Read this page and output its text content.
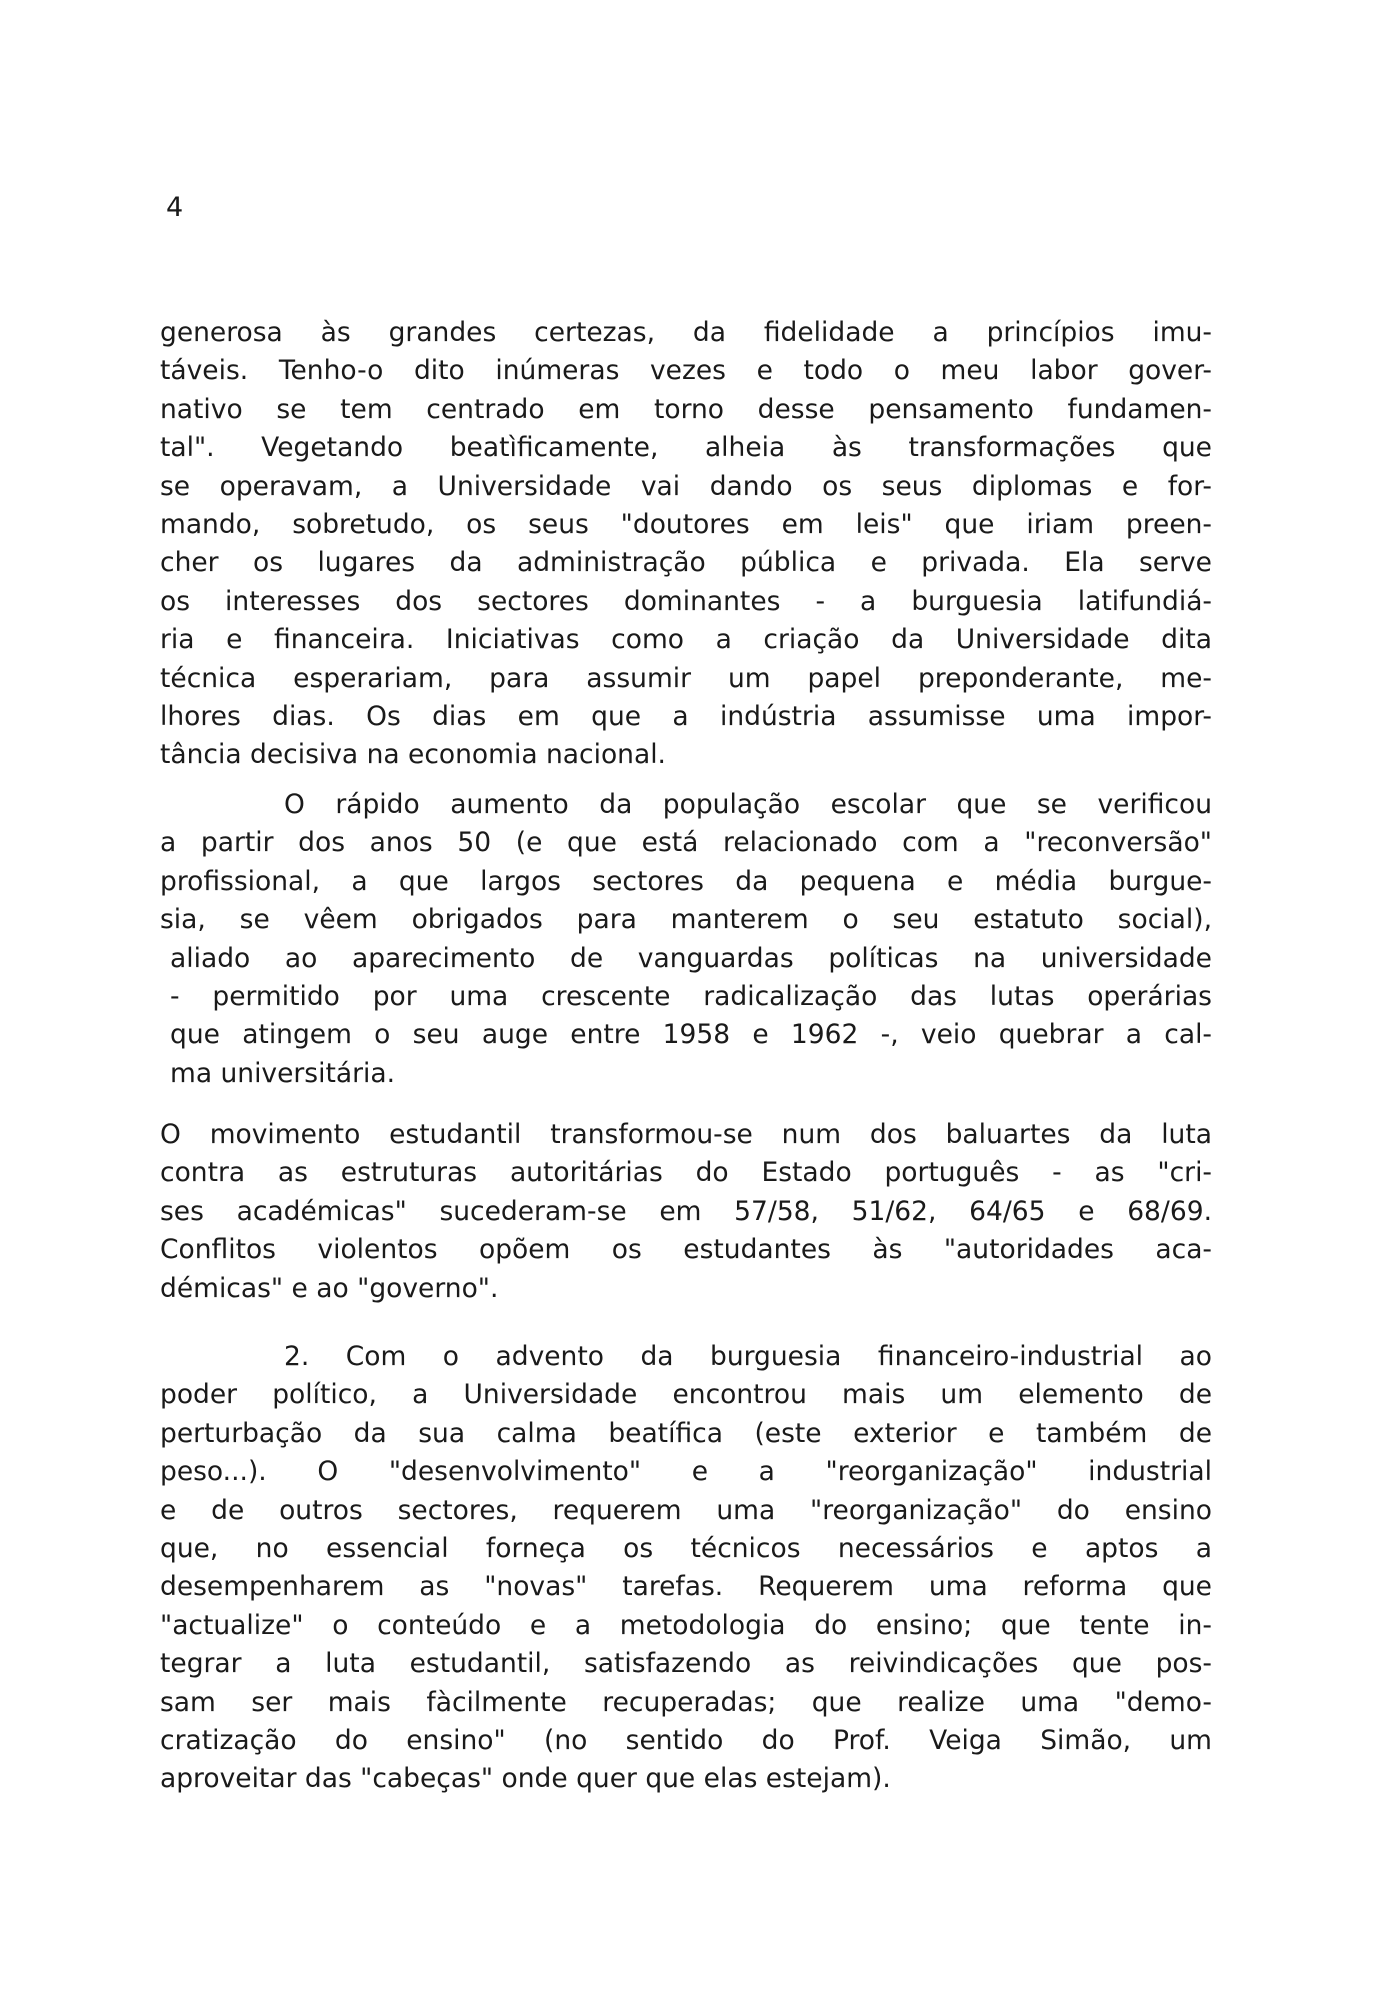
4
generosa às grandes certezas, da fidelidade a princípios imu-
táveis. Tenho-o dito inúmeras vezes e todo o meu labor gover-
nativo se tem centrado em torno desse pensamento fundamen-
tal". Vegetando beatìficamente, alheia às transformações que
se operavam, a Universidade vai dando os seus diplomas e for-
mando, sobretudo, os seus "doutores em leis" que iriam preen-
cher os lugares da administração pública e privada. Ela serve
os interesses dos sectores dominantes - a burguesia latifundiá-
ria e financeira. Iniciativas como a criação da Universidade dita
técnica esperariam, para assumir um papel preponderante, me-
lhores dias. Os dias em que a indústria assumisse uma impor-
tância decisiva na economia nacional.
O rápido aumento da população escolar que se verificou
a partir dos anos 50 (e que está relacionado com a "reconversão"
profissional, a que largos sectores da pequena e média burgue-
sia, se vêem obrigados para manterem o seu estatuto social),
aliado ao aparecimento de vanguardas políticas na universidade
- permitido por uma crescente radicalização das lutas operárias
que atingem o seu auge entre 1958 e 1962 -, veio quebrar a cal-
ma universitária.
O movimento estudantil transformou-se num dos baluartes da luta
contra as estruturas autoritárias do Estado português - as "cri-
ses académicas" sucederam-se em 57/58, 51/62, 64/65 e 68/69.
Conflitos violentos opõem os estudantes às "autoridades aca-
démicas" e ao "governo".
2. Com o advento da burguesia financeiro-industrial ao
poder político, a Universidade encontrou mais um elemento de
perturbação da sua calma beatífica (este exterior e também de
peso...). O "desenvolvimento" e a "reorganização" industrial
e de outros sectores, requerem uma "reorganização" do ensino
que, no essencial forneça os técnicos necessários e aptos a
desempenharem as "novas" tarefas. Requerem uma reforma que
"actualize" o conteúdo e a metodologia do ensino; que tente in-
tegrar a luta estudantil, satisfazendo as reivindicações que pos-
sam ser mais fàcilmente recuperadas; que realize uma "demo-
cratização do ensino" (no sentido do Prof. Veiga Simão, um
aproveitar das "cabeças" onde quer que elas estejam).
